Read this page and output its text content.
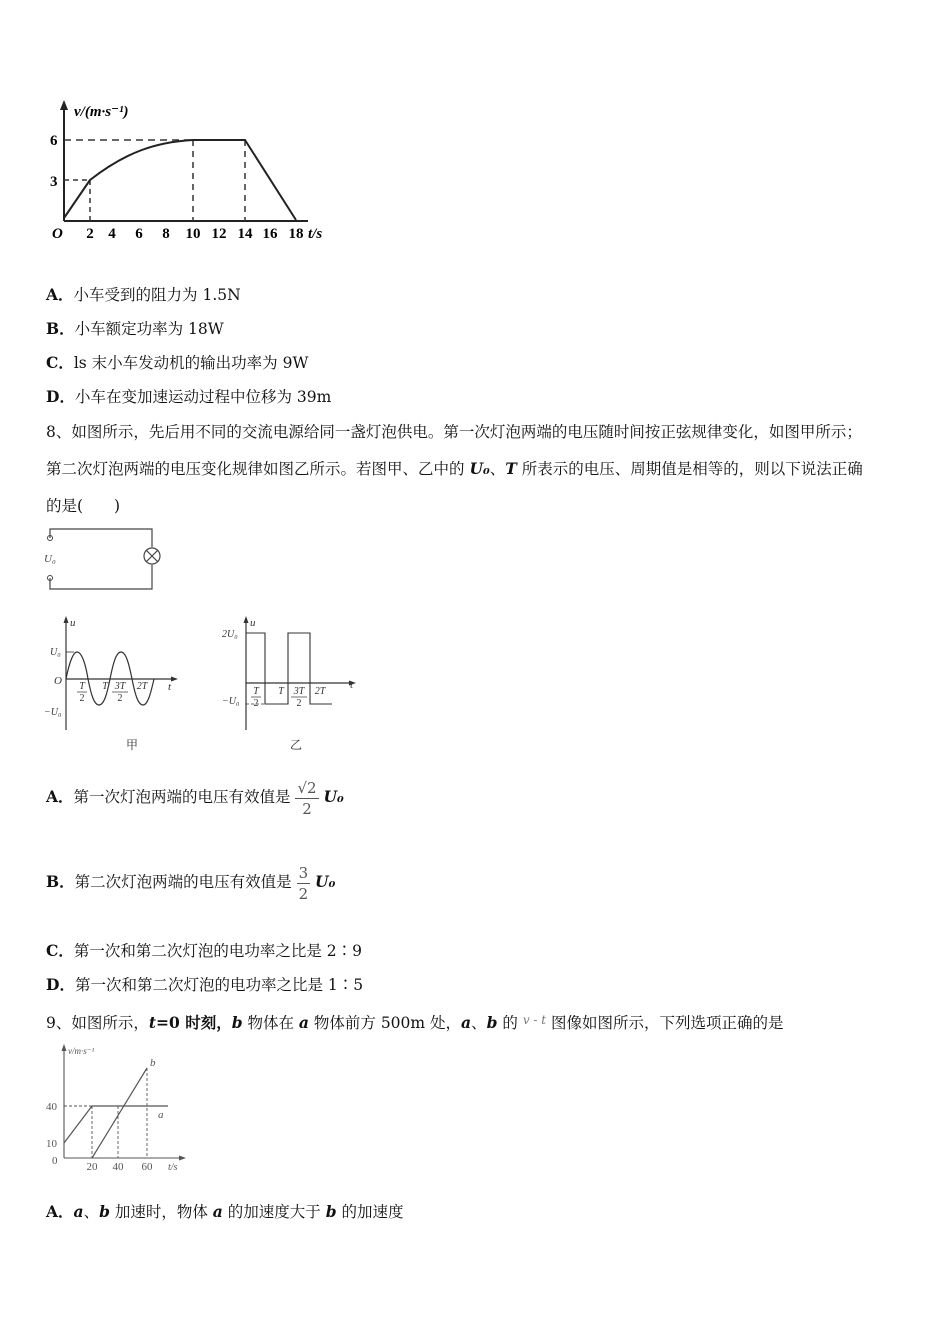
v/(m·s⁻¹)
t/s
O
6
3
2 4 6 8 10 12 14 16 18
A．小车受到的阻力为 1.5N
B．小车额定功率为 18W
C．ls 末小车发动机的输出功率为 9W
D．小车在变加速运动过程中位移为 39m
8、如图所示，先后用不同的交流电源给同一盏灯泡供电。第一次灯泡两端的电压随时间按正弦规律变化，如图甲所示；
第二次灯泡两端的电压变化规律如图乙所示。若图甲、乙中的 U₀、T 所表示的电压、周期值是相等的，则以下说法正确
的是(　　)
U₀
u
t
O
U₀
−U₀
T
2
T 3T
2
2T
甲
u
t
2U₀
−U₀
T
2
T 3T
2
2T
乙
A．第一次灯泡两端的电压有效值是 $\frac{√2}{2} U_0$
B．第二次灯泡两端的电压有效值是 $\frac{3}{2} U_0$
C．第一次和第二次灯泡的电功率之比是 2∶9
D．第一次和第二次灯泡的电功率之比是 1∶5
9、如图所示，t=0 时刻，b 物体在 a 物体前方 500m 处，a、b 的 $^{v - t}$ 图像如图所示，下列选项正确的是
v/m·s⁻¹
t/s
0
40
10
20 40 60
a
b
A．a、b 加速时，物体 a 的加速度大于 b 的加速度
